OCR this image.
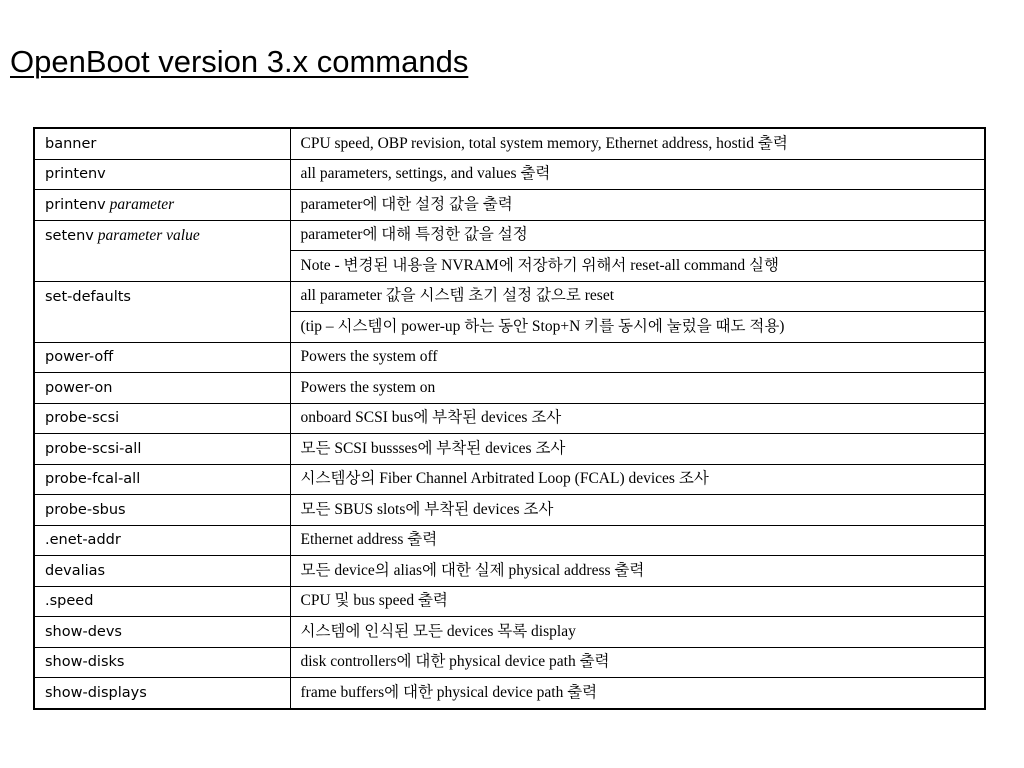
OpenBoot version 3.x commands
banner	CPU speed, OBP revision, total system memory, Ethernet address, hostid 출력
printenv	all parameters, settings, and values 출력
printenv parameter	parameter에 대한 설정 값을 출력
setenv parameter value	parameter에 대해 특정한 값을 설정
	Note - 변경된 내용을 NVRAM에 저장하기 위해서 reset-all command 실행
set-defaults	all parameter 값을 시스템 초기 설정 값으로 reset
	(tip – 시스템이 power-up 하는 동안 Stop+N 키를 동시에 눌렀을 때도 적용)
power-off	Powers the system off
power-on	Powers the system on
probe-scsi	onboard SCSI bus에 부착된 devices 조사
probe-scsi-all	모든 SCSI bussses에 부착된 devices 조사
probe-fcal-all	시스템상의 Fiber Channel Arbitrated Loop (FCAL) devices 조사
probe-sbus	모든 SBUS slots에 부착된 devices 조사
.enet-addr	Ethernet address 출력
devalias	모든 device의 alias에 대한 실제 physical address 출력
.speed	CPU 및 bus speed 출력
show-devs	시스템에 인식된 모든 devices 목록 display
show-disks	disk controllers에 대한 physical device path 출력
show-displays	frame buffers에 대한 physical device path 출력
